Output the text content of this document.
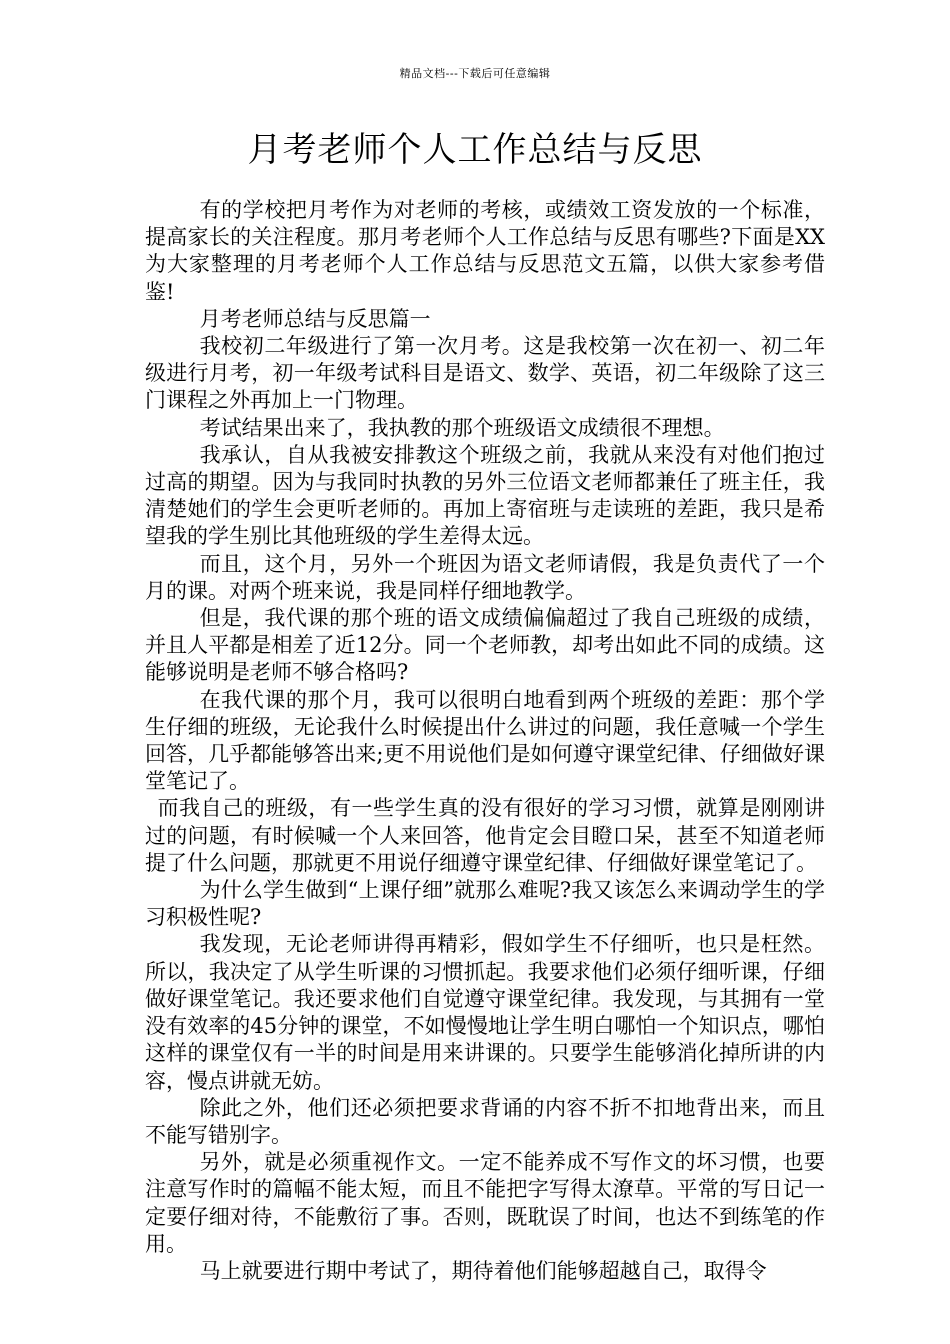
精品文档---下载后可任意编辑
月考老师个人工作总结与反思

有的学校把月考作为对老师的考核，或绩效工资发放的一个标准，提高家长的关注程度。那月考老师个人工作总结与反思有哪些?下面是XX为大家整理的月考老师个人工作总结与反思范文五篇，以供大家参考借鉴!

月考老师总结与反思篇一

我校初二年级进行了第一次月考。这是我校第一次在初一、初二年级进行月考，初一年级考试科目是语文、数学、英语，初二年级除了这三门课程之外再加上一门物理。

考试结果出来了，我执教的那个班级语文成绩很不理想。

我承认，自从我被安排教这个班级之前，我就从来没有对他们抱过过高的期望。因为与我同时执教的另外三位语文老师都兼任了班主任，我清楚她们的学生会更听老师的。再加上寄宿班与走读班的差距，我只是希望我的学生别比其他班级的学生差得太远。

而且，这个月，另外一个班因为语文老师请假，我是负责代了一个月的课。对两个班来说，我是同样仔细地教学。

但是，我代课的那个班的语文成绩偏偏超过了我自己班级的成绩，并且人平都是相差了近12分。同一个老师教，却考出如此不同的成绩。这能够说明是老师不够合格吗?

在我代课的那个月，我可以很明白地看到两个班级的差距：那个学生仔细的班级，无论我什么时候提出什么讲过的问题，我任意喊一个学生回答，几乎都能够答出来;更不用说他们是如何遵守课堂纪律、仔细做好课堂笔记了。

而我自己的班级，有一些学生真的没有很好的学习习惯，就算是刚刚讲过的问题，有时候喊一个人来回答，他肯定会目瞪口呆，甚至不知道老师提了什么问题，那就更不用说仔细遵守课堂纪律、仔细做好课堂笔记了。

为什么学生做到“上课仔细”就那么难呢?我又该怎么来调动学生的学习积极性呢?

我发现，无论老师讲得再精彩，假如学生不仔细听，也只是枉然。所以，我决定了从学生听课的习惯抓起。我要求他们必须仔细听课，仔细做好课堂笔记。我还要求他们自觉遵守课堂纪律。我发现，与其拥有一堂没有效率的45分钟的课堂，不如慢慢地让学生明白哪怕一个知识点，哪怕这样的课堂仅有一半的时间是用来讲课的。只要学生能够消化掉所讲的内容，慢点讲就无妨。

除此之外，他们还必须把要求背诵的内容不折不扣地背出来，而且不能写错别字。

另外，就是必须重视作文。一定不能养成不写作文的坏习惯，也要注意写作时的篇幅不能太短，而且不能把字写得太潦草。平常的写日记一定要仔细对待，不能敷衍了事。否则，既耽误了时间，也达不到练笔的作用。

马上就要进行期中考试了，期待着他们能够超越自己，取得令
